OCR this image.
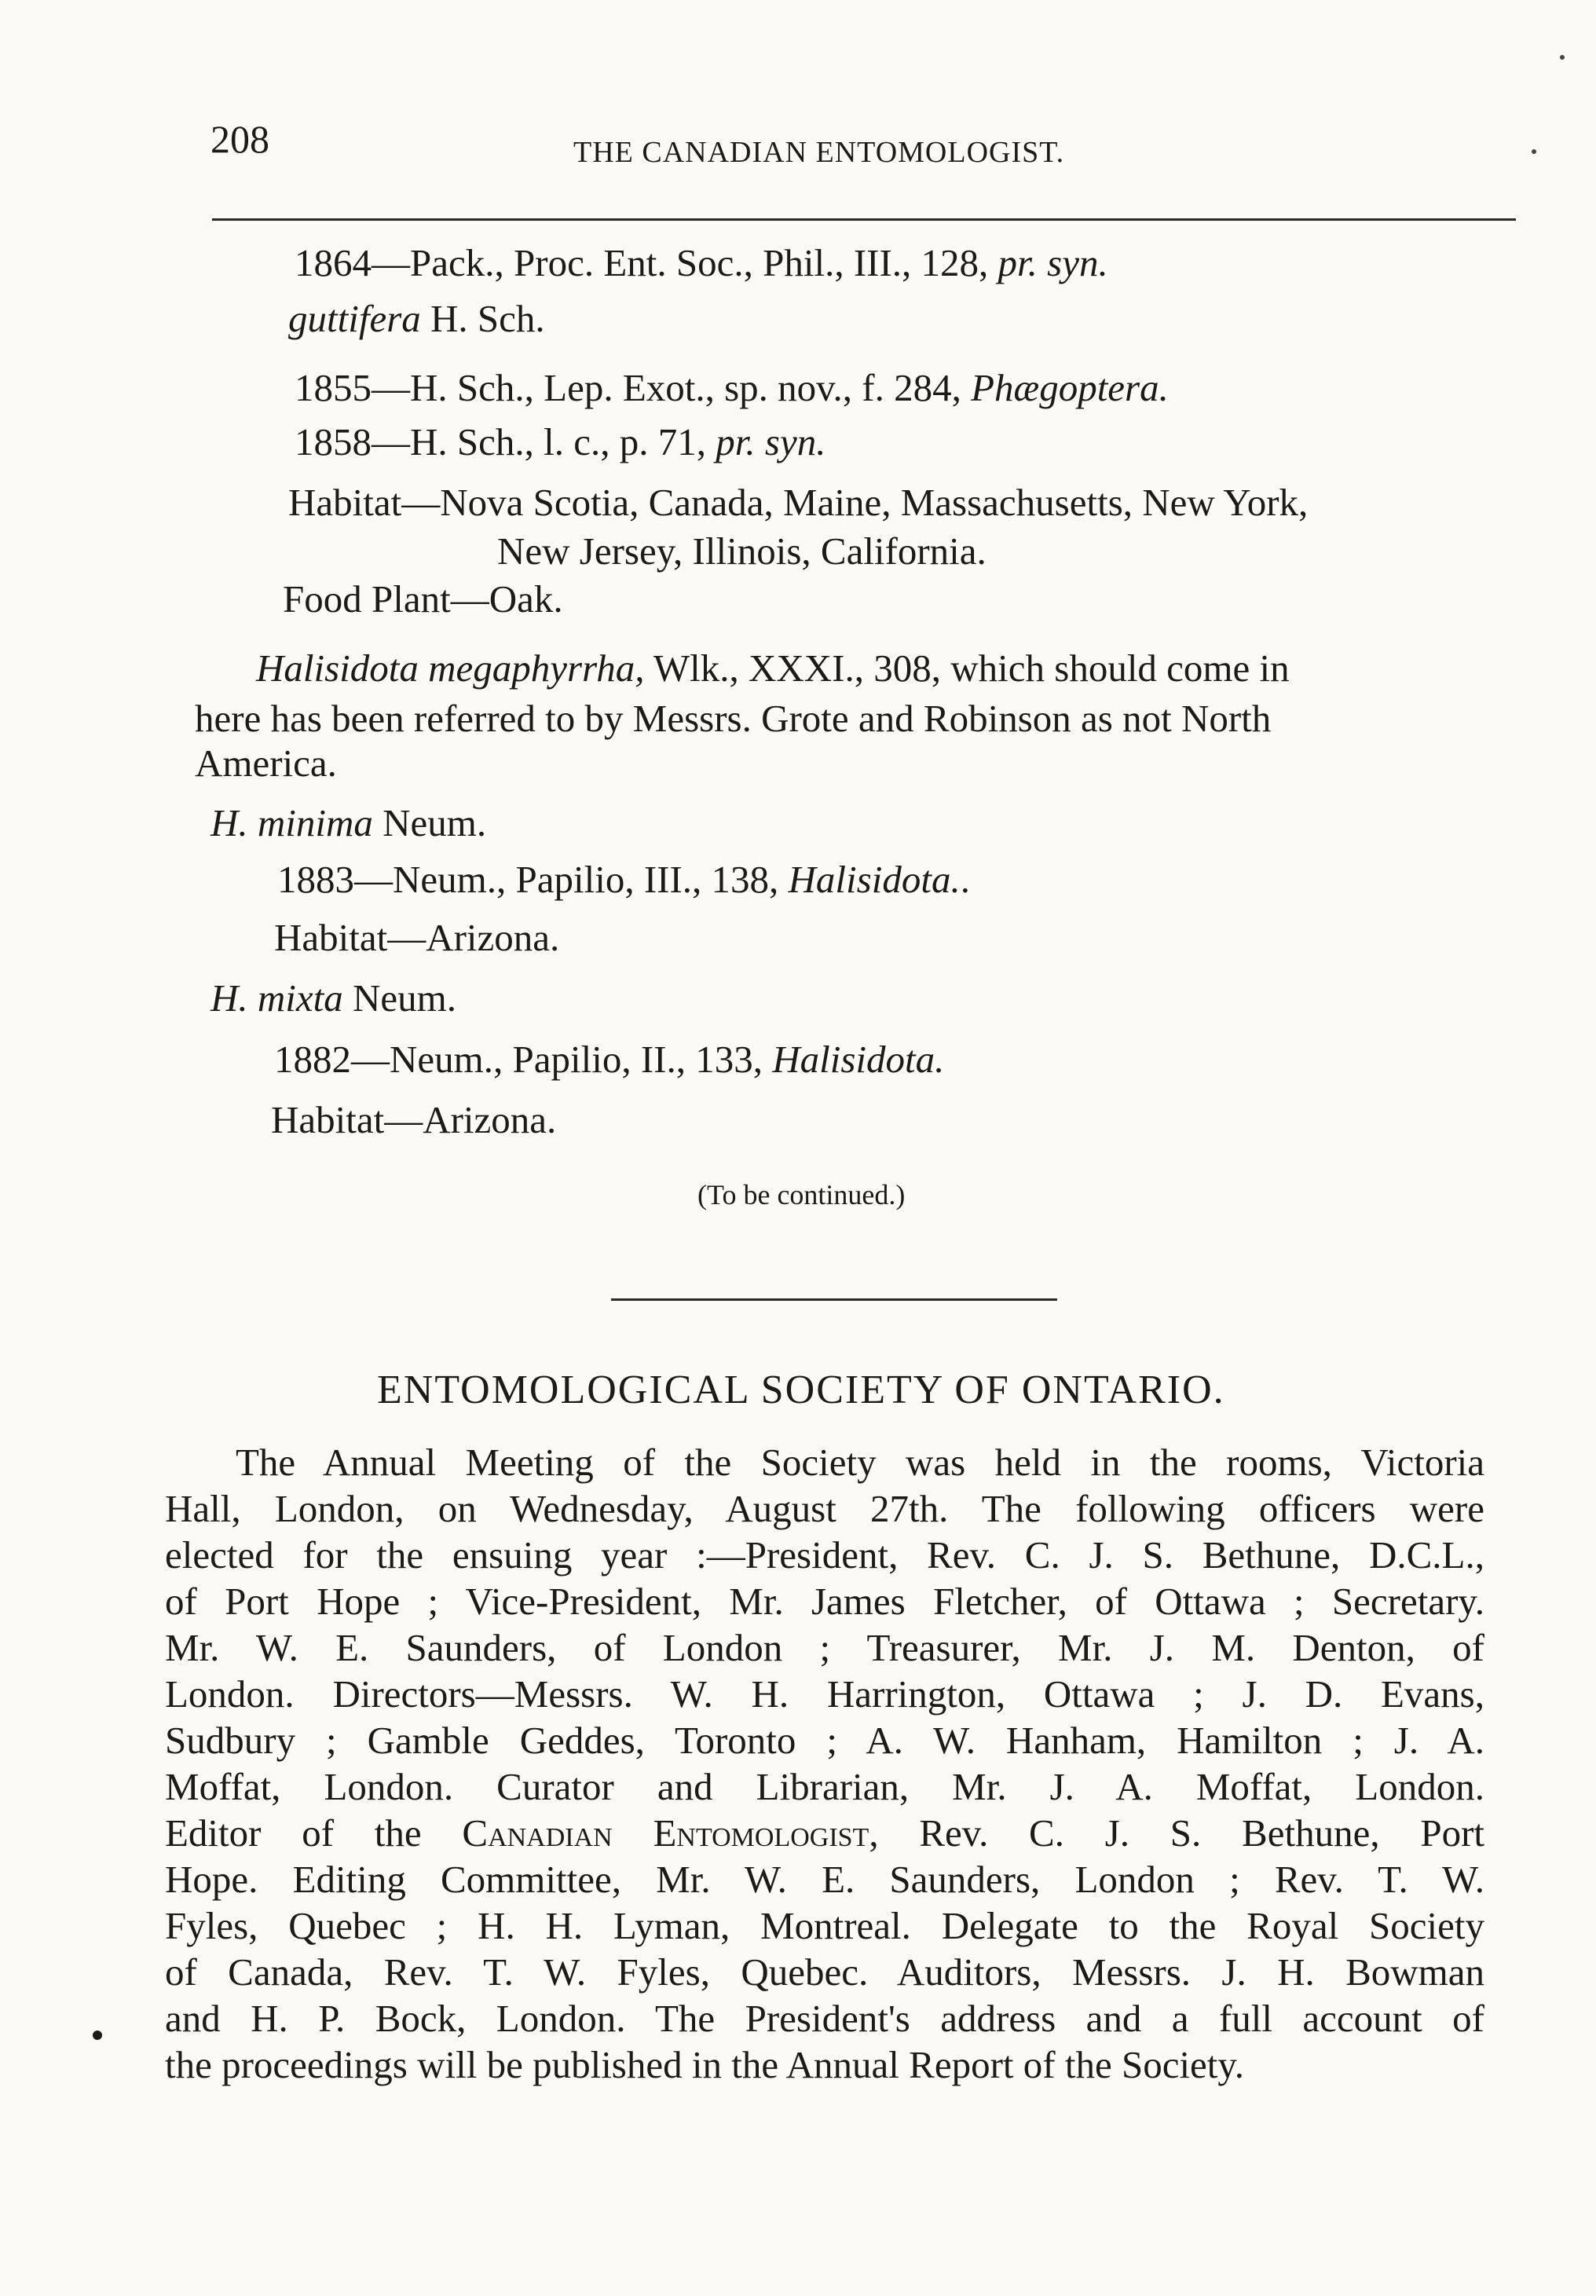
208	THE CANADIAN ENTOMOLOGIST.
1864—Pack., Proc. Ent. Soc., Phil., III., 128, pr. syn.
guttifera H. Sch.
1855—H. Sch., Lep. Exot., sp. nov., f. 284, Phægoptera.
1858—H. Sch., l. c., p. 71, pr. syn.
Habitat—Nova Scotia, Canada, Maine, Massachusetts, New York,
New Jersey, Illinois, California.
Food Plant—Oak.
Halisidota megaphyrrha, Wlk., XXXI., 308, which should come in
here has been referred to by Messrs. Grote and Robinson as not North
America.
H. minima Neum.
1883—Neum., Papilio, III., 138, Halisidota..
Habitat—Arizona.
H. mixta Neum.
1882—Neum., Papilio, II., 133, Halisidota.
Habitat—Arizona.
(To be continued.)
ENTOMOLOGICAL SOCIETY OF ONTARIO.
The Annual Meeting of the Society was held in the rooms, Victoria
Hall, London, on Wednesday, August 27th. The following officers were
elected for the ensuing year :—President, Rev. C. J. S. Bethune, D.C.L.,
of Port Hope ; Vice-President, Mr. James Fletcher, of Ottawa ; Secretary.
Mr. W. E. Saunders, of London ; Treasurer, Mr. J. M. Denton, of
London. Directors—Messrs. W. H. Harrington, Ottawa ; J. D. Evans,
Sudbury ; Gamble Geddes, Toronto ; A. W. Hanham, Hamilton ; J. A.
Moffat, London. Curator and Librarian, Mr. J. A. Moffat, London.
Editor of the Canadian Entomologist, Rev. C. J. S. Bethune, Port
Hope. Editing Committee, Mr. W. E. Saunders, London ; Rev. T. W.
Fyles, Quebec ; H. H. Lyman, Montreal. Delegate to the Royal Society
of Canada, Rev. T. W. Fyles, Quebec. Auditors, Messrs. J. H. Bowman
and H. P. Bock, London. The President's address and a full account of
the proceedings will be published in the Annual Report of the Society.
